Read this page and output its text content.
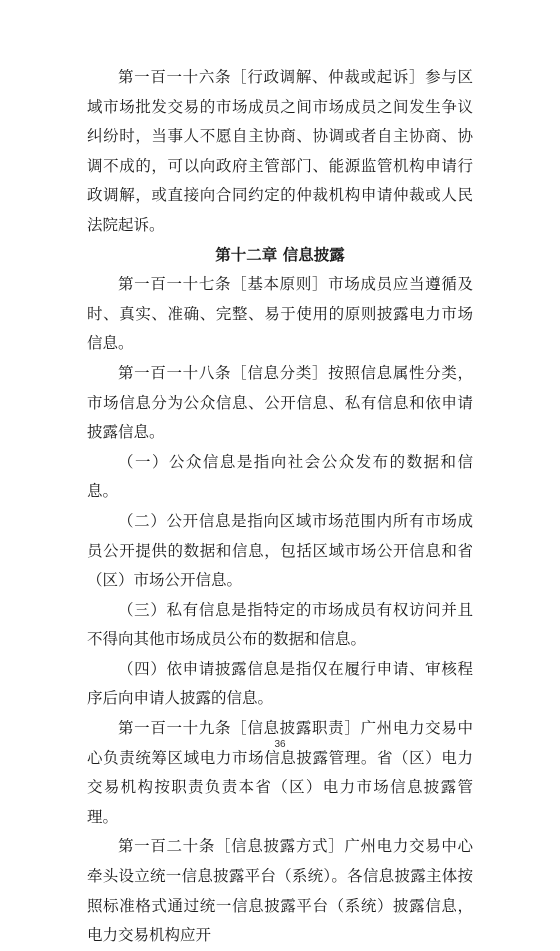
第一百一十六条［行政调解、仲裁或起诉］参与区域市场批发交易的市场成员之间市场成员之间发生争议纠纷时，当事人不愿自主协商、协调或者自主协商、协调不成的，可以向政府主管部门、能源监管机构申请行政调解，或直接向合同约定的仲裁机构申请仲裁或人民法院起诉。

第十二章 信息披露

第一百一十七条［基本原则］市场成员应当遵循及时、真实、准确、完整、易于使用的原则披露电力市场信息。

第一百一十八条［信息分类］按照信息属性分类，市场信息分为公众信息、公开信息、私有信息和依申请披露信息。

（一）公众信息是指向社会公众发布的数据和信息。

（二）公开信息是指向区域市场范围内所有市场成员公开提供的数据和信息，包括区域市场公开信息和省（区）市场公开信息。

（三）私有信息是指特定的市场成员有权访问并且不得向其他市场成员公布的数据和信息。

（四）依申请披露信息是指仅在履行申请、审核程序后向申请人披露的信息。

第一百一十九条［信息披露职责］广州电力交易中心负责统筹区域电力市场信息披露管理。省（区）电力交易机构按职责负责本省（区）电力市场信息披露管理。

第一百二十条［信息披露方式］广州电力交易中心牵头设立统一信息披露平台（系统）。各信息披露主体按照标准格式通过统一信息披露平台（系统）披露信息，电力交易机构应开

36
